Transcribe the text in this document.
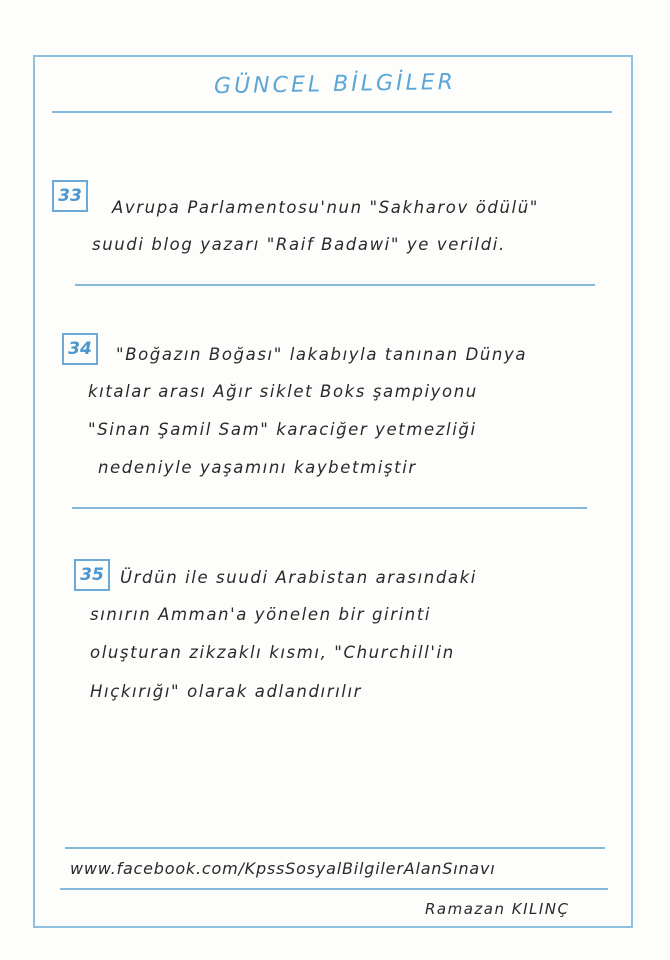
GÜNCEL BİLGİLER
33
Avrupa Parlamentosu'nun "Sakharov ödülü"
suudi blog yazarı "Raif Badawi" ye verildi.
34	"Boğazın Boğası" lakabıyla tanınan Dünya
kıtalar arası Ağır siklet Boks şampiyonu
"Sinan Şamil Sam" karaciğer yetmezliği
nedeniyle yaşamını kaybetmiştir
35 Ürdün ile suudi Arabistan arasındaki
sınırın Amman'a yönelen bir girinti
oluşturan zikzaklı kısmı, "Churchill'in
Hıçkırığı" olarak adlandırılır
www.facebook.com/KpssSosyalBilgilerAlanSınavı
Ramazan KILINÇ
